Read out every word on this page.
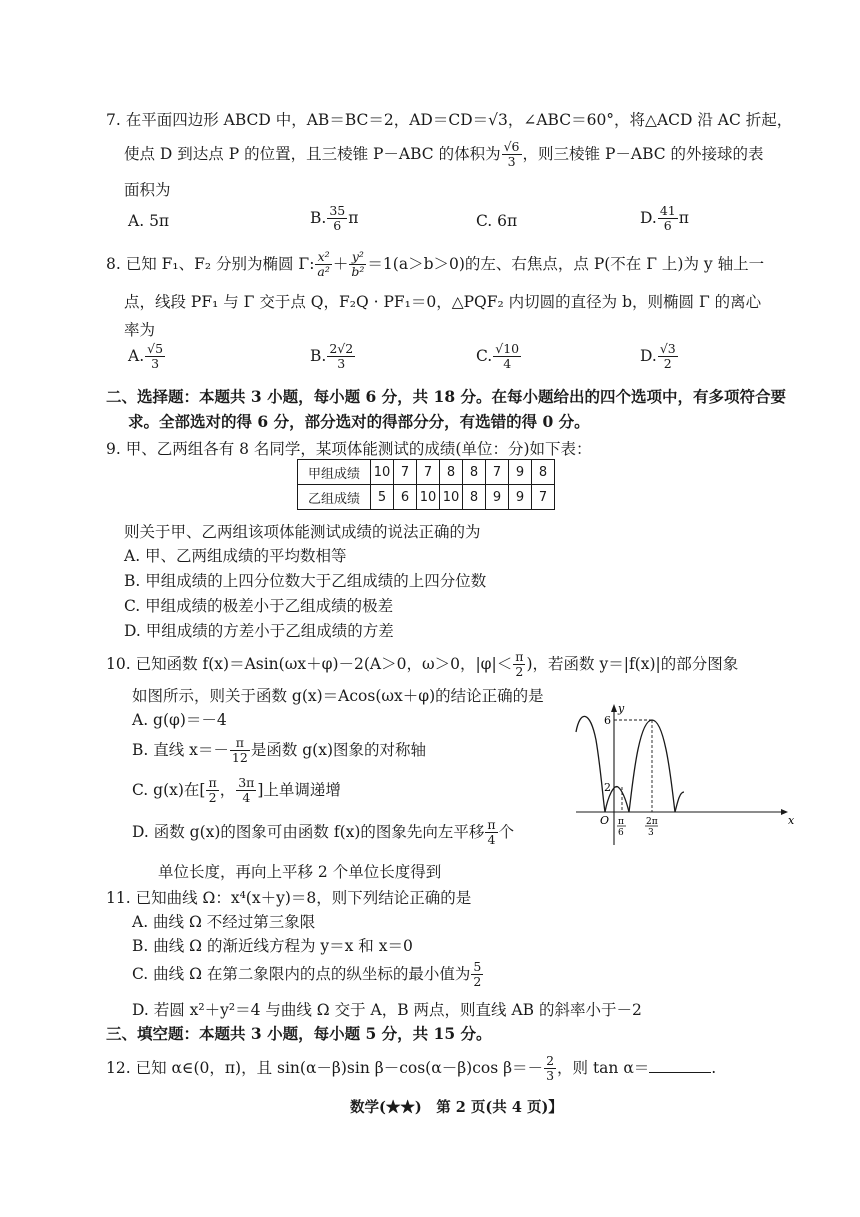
7. 在平面四边形 ABCD 中，AB＝BC＝2，AD＝CD＝√3，∠ABC＝60°，将△ACD 沿 AC 折起，
使点 D 到达点 P 的位置，且三棱锥 P－ABC 的体积为 $\frac{√6}{3}$ ，则三棱锥 P－ABC 的外接球的表
面积为
A. 5π	B. $\frac{35}{6}$ π	C. 6π	D. $\frac{41}{6}$ π
8. 已知 F₁、F₂ 分别为椭圆 Γ: $\frac{\text{x²}}{\text{a²}} + \frac{\text{y²}}{\text{b²}} =1(a>b>0)$的左、右焦点，点 P(不在 Γ 上)为 y 轴上一
点，线段 PF₁ 与 Γ 交于点 Q，F₂Q · PF₁＝0，△PQF₂ 内切圆的直径为 b，则椭圆 Γ 的离心
率为
A. $\frac{√5}{3}$	B. $\frac{2√2}{3}$	C. $\frac{√10}{4}$	D. $\frac{√3}{2}$
二、选择题：本题共 3 小题，每小题 6 分，共 18 分。在每小题给出的四个选项中，有多项符合要
求。全部选对的得 6 分，部分选对的得部分分，有选错的得 0 分。
9. 甲、乙两组各有 8 名同学，某项体能测试的成绩(单位：分)如下表：
甲组成绩	10	7	7	8	8	7	9	8
乙组成绩	5	6	10	10	8	9	9	7
则关于甲、乙两组该项体能测试成绩的说法正确的为
A. 甲、乙两组成绩的平均数相等
B. 甲组成绩的上四分位数大于乙组成绩的上四分位数
C. 甲组成绩的极差小于乙组成绩的极差
D. 甲组成绩的方差小于乙组成绩的方差
10. 已知函数 f(x)＝Asin(ωx＋φ)－2(A＞0，ω＞0，$|\varphi|< \frac{\pi}{2}$ )，若函数 y＝|f(x)|的部分图象
如图所示，则关于函数 g(x)＝Acos(ωx＋φ)的结论正确的是
A. g(φ)＝－4
B. 直线 $x=- \frac{\pi}{12}$ 是函数 g(x)图象的对称轴
C. g(x)在[ $\frac{\pi}{2}$ ， $\frac{3\pi}{4}$ ]上单调递增
D. 函数 g(x)的图象可由函数 f(x)的图象先向左平移 $\frac{\pi}{4}$ 个
单位长度，再向上平移 2 个单位长度得到
y
x
O
6
2
π
6
2π
3
11. 已知曲线 Ω：x⁴(x＋y)＝8，则下列结论正确的是
A. 曲线 Ω 不经过第三象限
B. 曲线 Ω 的渐近线方程为 y＝x 和 x＝0
C. 曲线 Ω 在第二象限内的点的纵坐标的最小值为 $\frac{5}{2}$
D. 若圆 x²＋y²＝4 与曲线 Ω 交于 A，B 两点，则直线 AB 的斜率小于－2
三、填空题：本题共 3 小题，每小题 5 分，共 15 分。
12. 已知 α∈(0，π)，且 sin(α－β)sin β－cos(α－β)cos $\beta=- \frac{2}{3}$ ，则 tan α＝	.
数学(★★)　第 2 页(共 4 页)】
